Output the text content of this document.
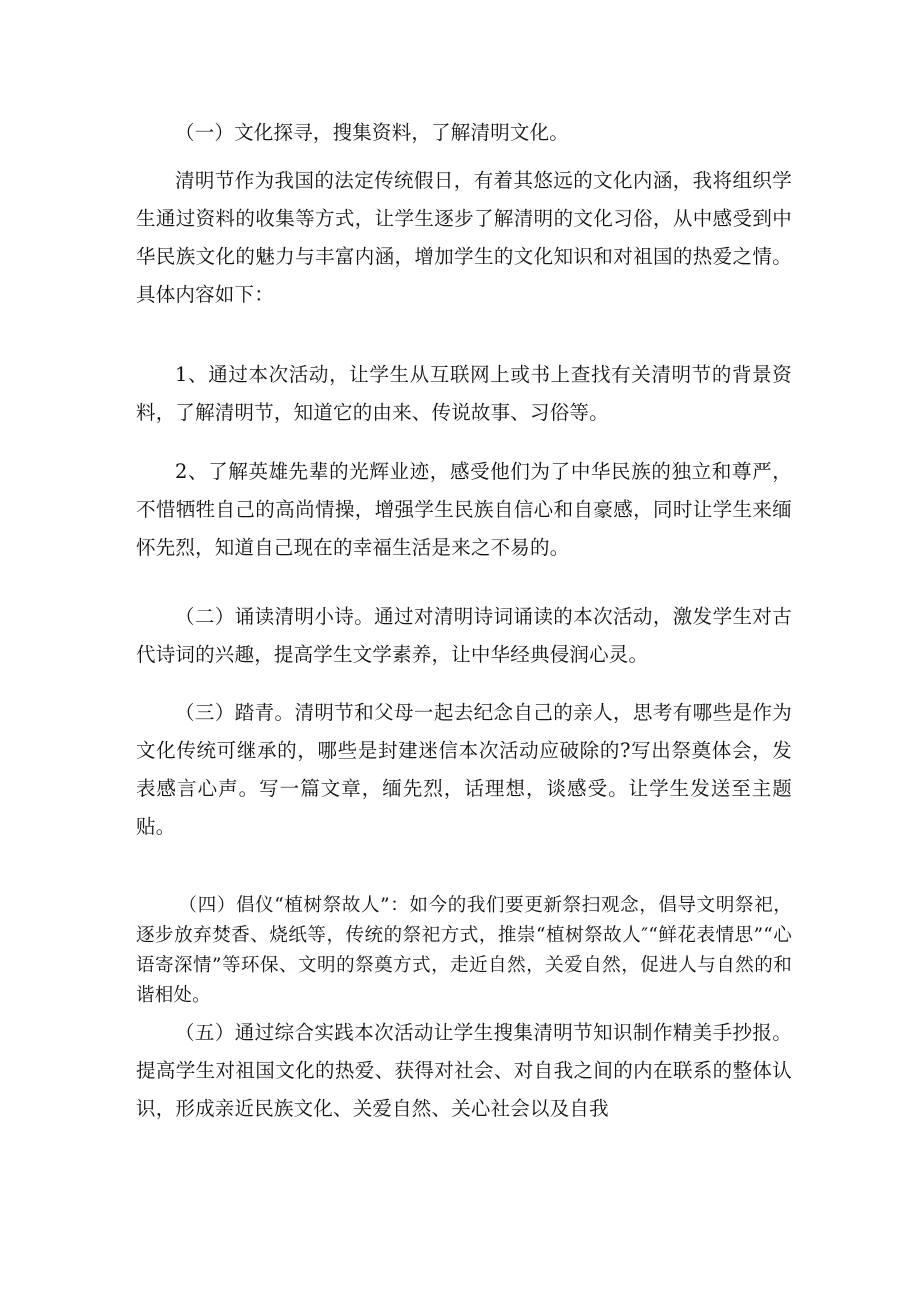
（一）文化探寻，搜集资料，了解清明文化。

清明节作为我国的法定传统假日，有着其悠远的文化内涵，我将组织学生通过资料的收集等方式，让学生逐步了解清明的文化习俗，从中感受到中华民族文化的魅力与丰富内涵，增加学生的文化知识和对祖国的热爱之情。具体内容如下：

1、通过本次活动，让学生从互联网上或书上查找有关清明节的背景资料，了解清明节，知道它的由来、传说故事、习俗等。

2、了解英雄先辈的光辉业迹，感受他们为了中华民族的独立和尊严，不惜牺牲自己的高尚情操，增强学生民族自信心和自豪感，同时让学生来缅怀先烈，知道自己现在的幸福生活是来之不易的。

（二）诵读清明小诗。通过对清明诗词诵读的本次活动，激发学生对古代诗词的兴趣，提高学生文学素养，让中华经典侵润心灵。

（三）踏青。清明节和父母一起去纪念自己的亲人，思考有哪些是作为文化传统可继承的，哪些是封建迷信本次活动应破除的?写出祭奠体会，发表感言心声。写一篇文章，缅先烈，话理想，谈感受。让学生发送至主题贴。

（四）倡仪“植树祭故人”：如今的我们要更新祭扫观念，倡导文明祭祀，逐步放弃焚香、烧纸等，传统的祭祀方式，推崇“植树祭故人″“鲜花表情思”“心语寄深情”等环保、文明的祭奠方式，走近自然，关爱自然，促进人与自然的和谐相处。

（五）通过综合实践本次活动让学生搜集清明节知识制作精美手抄报。提高学生对祖国文化的热爱、获得对社会、对自我之间的内在联系的整体认识，形成亲近民族文化、关爱自然、关心社会以及自我
